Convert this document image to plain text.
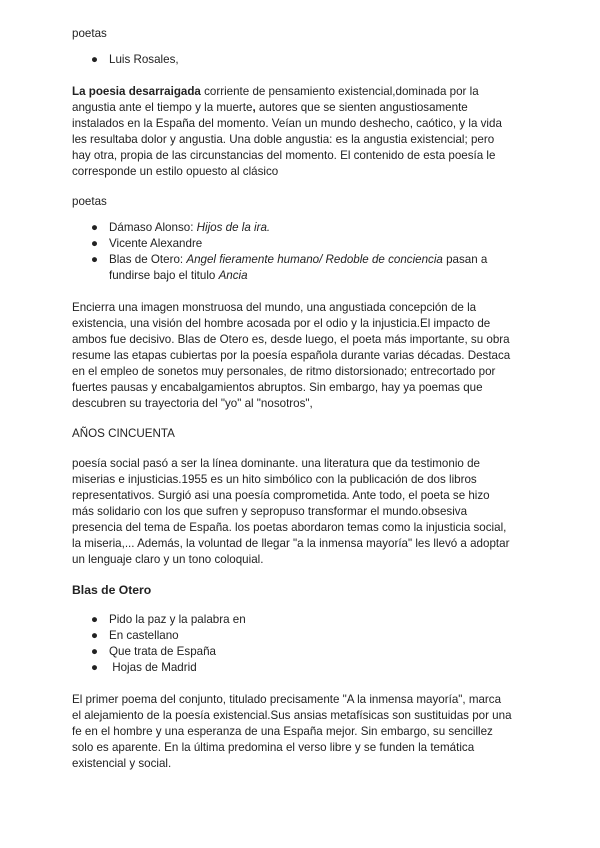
poetas

● Luis Rosales,

La poesia desarraigada corriente de pensamiento existencial,dominada por la angustia ante el tiempo y la muerte, autores que se sienten angustiosamente instalados en la España del momento. Veían un mundo deshecho, caótico, y la vida les resultaba dolor y angustia. Una doble angustia: es la angustia existencial; pero hay otra, propia de las circunstancias del momento. El contenido de esta poesía le corresponde un estilo opuesto al clásico

poetas

● Dámaso Alonso: Hijos de la ira.
● Vicente Alexandre
● Blas de Otero: Angel fieramente humano/ Redoble de conciencia pasan a fundirse bajo el titulo Ancia

Encierra una imagen monstruosa del mundo, una angustiada concepción de la existencia, una visión del hombre acosada por el odio y la injusticia.El impacto de ambos fue decisivo. Blas de Otero es, desde luego, el poeta más importante, su obra resume las etapas cubiertas por la poesía española durante varias décadas. Destaca en el empleo de sonetos muy personales, de ritmo distorsionado; entrecortado por fuertes pausas y encabalgamientos abruptos. Sin embargo, hay ya poemas que descubren su trayectoria del "yo" al "nosotros",

AÑOS CINCUENTA

poesía social pasó a ser la línea dominante. una literatura que da testimonio de miserias e injusticias.1955 es un hito simbólico con la publicación de dos libros representativos. Surgió asi una poesía comprometida. Ante todo, el poeta se hizo más solidario con los que sufren y sepropuso transformar el mundo.obsesiva presencia del tema de España. los poetas abordaron temas como la injusticia social, la miseria,... Además, la voluntad de llegar "a la inmensa mayoría" les llevó a adoptar un lenguaje claro y un tono coloquial.

Blas de Otero

● Pido la paz y la palabra en
● En castellano
● Que trata de España
● Hojas de Madrid

El primer poema del conjunto, titulado precisamente "A la inmensa mayoría", marca el alejamiento de la poesía existencial.Sus ansias metafísicas son sustituidas por una fe en el hombre y una esperanza de una España mejor. Sin embargo, su sencillez solo es aparente. En la última predomina el verso libre y se funden la temática existencial y social.
